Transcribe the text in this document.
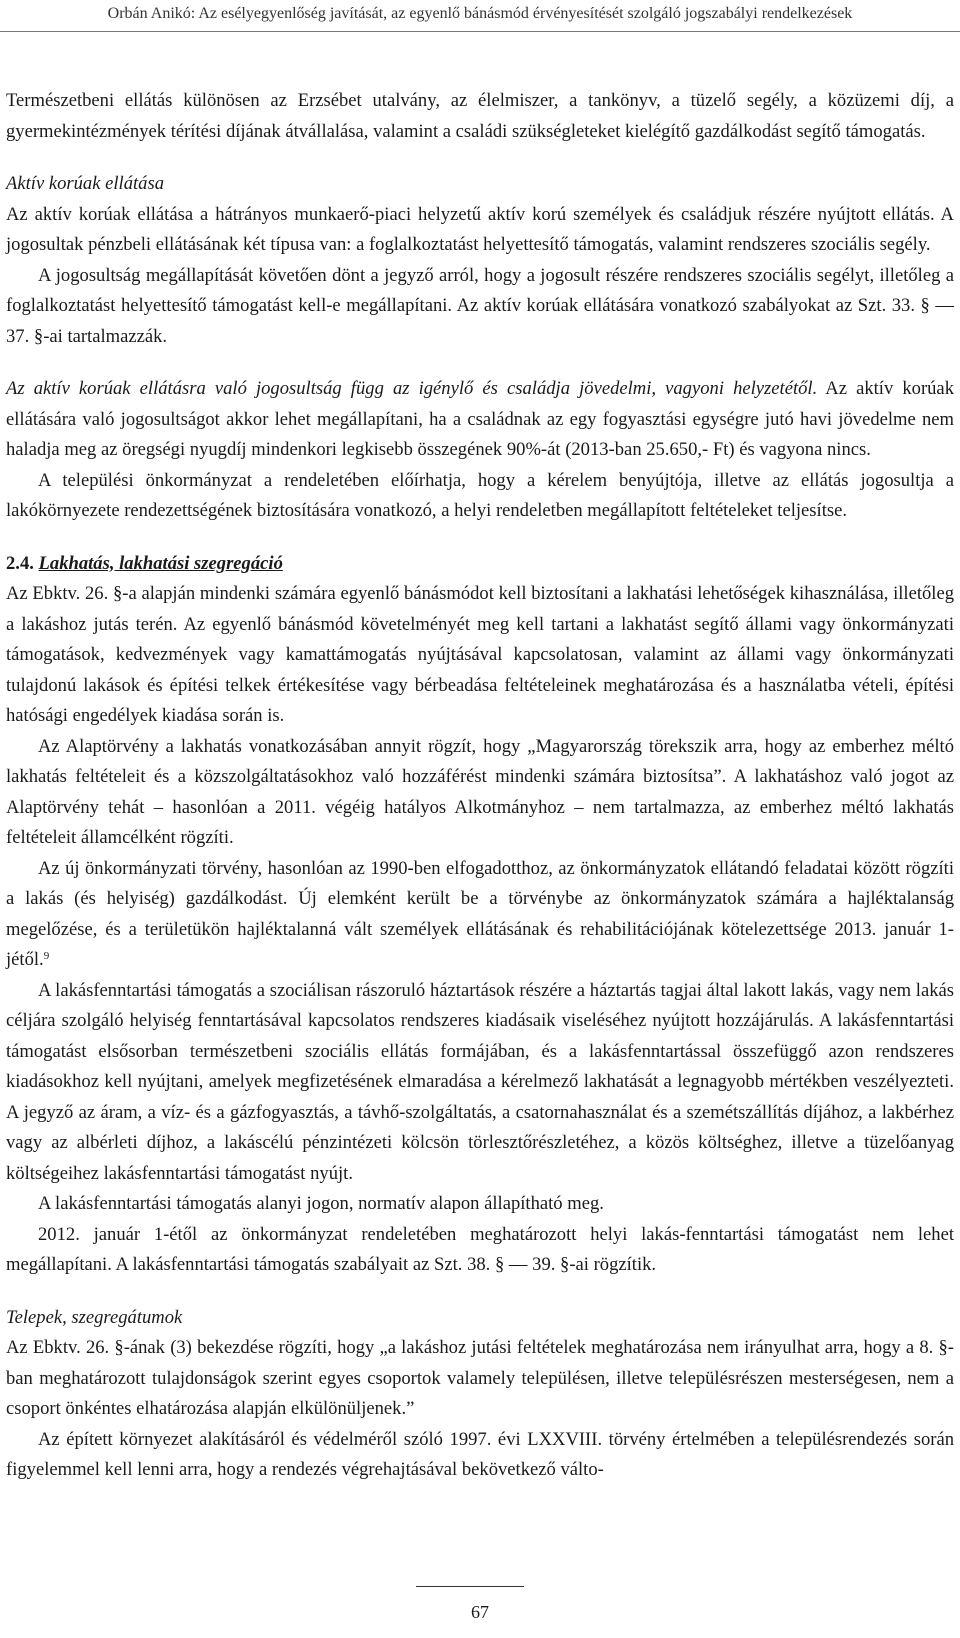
Orbán Anikó: Az esélyegyenlőség javítását, az egyenlő bánásmód érvényesítését szolgáló jogszabályi rendelkezések

Természetbeni ellátás különösen az Erzsébet utalvány, az élelmiszer, a tankönyv, a tüzelő segély, a közüzemi díj, a gyermekintézmények térítési díjának átvállalása, valamint a családi szükségleteket kielégítő gazdálkodást segítő támogatás.

Aktív korúak ellátása

Az aktív korúak ellátása a hátrányos munkaerő-piaci helyzetű aktív korú személyek és családjuk részére nyújtott ellátás. A jogosultak pénzbeli ellátásának két típusa van: a foglalkoztatást helyettesítő támogatás, valamint rendszeres szociális segély.

A jogosultság megállapítását követően dönt a jegyző arról, hogy a jogosult részére rendszeres szociális segélyt, illetőleg a foglalkoztatást helyettesítő támogatást kell-e megállapítani. Az aktív korúak ellátására vonatkozó szabályokat az Szt. 33. § — 37. §-ai tartalmazzák.

Az aktív korúak ellátásra való jogosultság függ az igénylő és családja jövedelmi, vagyoni helyzetétől. Az aktív korúak ellátására való jogosultságot akkor lehet megállapítani, ha a családnak az egy fogyasztási egységre jutó havi jövedelme nem haladja meg az öregségi nyugdíj mindenkori legkisebb összegének 90%-át (2013-ban 25.650,- Ft) és vagyona nincs.

A települési önkormányzat a rendeletében előírhatja, hogy a kérelem benyújtója, illetve az ellátás jogosultja a lakókörnyezete rendezettségének biztosítására vonatkozó, a helyi rendeletben megállapított feltételeket teljesítse.

2.4. Lakhatás, lakhatási szegregáció

Az Ebktv. 26. §-a alapján mindenki számára egyenlő bánásmódot kell biztosítani a lakhatási lehetőségek kihasználása, illetőleg a lakáshoz jutás terén. Az egyenlő bánásmód követelményét meg kell tartani a lakhatást segítő állami vagy önkormányzati támogatások, kedvezmények vagy kamattámogatás nyújtásával kapcsolatosan, valamint az állami vagy önkormányzati tulajdonú lakások és építési telkek értékesítése vagy bérbeadása feltételeinek meghatározása és a használatba vételi, építési hatósági engedélyek kiadása során is.

Az Alaptörvény a lakhatás vonatkozásában annyit rögzít, hogy „Magyarország törekszik arra, hogy az emberhez méltó lakhatás feltételeit és a közszolgáltatásokhoz való hozzáférést mindenki számára biztosítsa”. A lakhatáshoz való jogot az Alaptörvény tehát – hasonlóan a 2011. végéig hatályos Alkotmányhoz – nem tartalmazza, az emberhez méltó lakhatás feltételeit államcélként rögzíti.

Az új önkormányzati törvény, hasonlóan az 1990-ben elfogadotthoz, az önkormányzatok ellátandó feladatai között rögzíti a lakás (és helyiség) gazdálkodást. Új elemként került be a törvénybe az önkormányzatok számára a hajléktalanság megelőzése, és a területükön hajléktalanná vált személyek ellátásának és rehabilitációjának kötelezettsége 2013. január 1-jétől.$^9$

A lakásfenntartási támogatás a szociálisan rászoruló háztartások részére a háztartás tagjai által lakott lakás, vagy nem lakás céljára szolgáló helyiség fenntartásával kapcsolatos rendszeres kiadásaik viseléséhez nyújtott hozzájárulás. A lakásfenntartási támogatást elsősorban természetbeni szociális ellátás formájában, és a lakásfenntartással összefüggő azon rendszeres kiadásokhoz kell nyújtani, amelyek megfizetésének elmaradása a kérelmező lakhatását a legnagyobb mértékben veszélyezteti. A jegyző az áram, a víz- és a gázfogyasztás, a távhő-szolgáltatás, a csatornahasználat és a szemétszállítás díjához, a lakbérhez vagy az albérleti díjhoz, a lakáscélú pénzintézeti kölcsön törlesztőrészletéhez, a közös költséghez, illetve a tüzelőanyag költségeihez lakásfenntartási támogatást nyújt.

A lakásfenntartási támogatás alanyi jogon, normatív alapon állapítható meg.

2012. január 1-étől az önkormányzat rendeletében meghatározott helyi lakás-fenntartási támogatást nem lehet megállapítani. A lakásfenntartási támogatás szabályait az Szt. 38. § — 39. §-ai rögzítik.

Telepek, szegregátumok

Az Ebktv. 26. §-ának (3) bekezdése rögzíti, hogy „a lakáshoz jutási feltételek meghatározása nem irányulhat arra, hogy a 8. §-ban meghatározott tulajdonságok szerint egyes csoportok valamely településen, illetve településrészen mesterségesen, nem a csoport önkéntes elhatározása alapján elkülönüljenek.”

Az épített környezet alakításáról és védelméről szóló 1997. évi LXXVIII. törvény értelmében a településrendezés során figyelemmel kell lenni arra, hogy a rendezés végrehajtásával bekövetkező válto-

67
